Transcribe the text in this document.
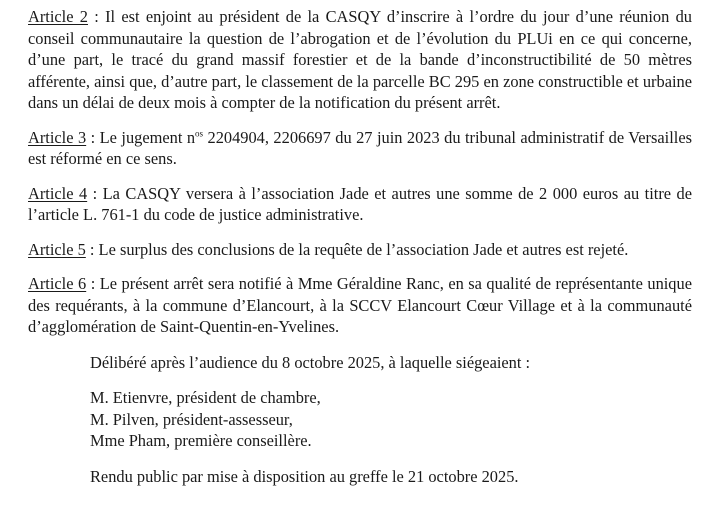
Article 2 : Il est enjoint au président de la CASQY d’inscrire à l’ordre du jour d’une réunion du conseil communautaire la question de l’abrogation et de l’évolution du PLUi en ce qui concerne, d’une part, le tracé du grand massif forestier et de la bande d’inconstructibilité de 50 mètres afférente, ainsi que, d’autre part, le classement de la parcelle BC 295 en zone constructible et urbaine dans un délai de deux mois à compter de la notification du présent arrêt.

Article 3 : Le jugement $n^{os}$ 2204904, 2206697 du 27 juin 2023 du tribunal administratif de Versailles est réformé en ce sens.

Article 4 : La CASQY versera à l’association Jade et autres une somme de 2 000 euros au titre de l’article L. 761-1 du code de justice administrative.

Article 5 : Le surplus des conclusions de la requête de l’association Jade et autres est rejeté.

Article 6 : Le présent arrêt sera notifié à Mme Géraldine Ranc, en sa qualité de représentante unique des requérants, à la commune d’Elancourt, à la SCCV Elancourt Cœur Village et à la communauté d’agglomération de Saint-Quentin-en-Yvelines.

Délibéré après l’audience du 8 octobre 2025, à laquelle siégeaient :

M. Etienvre, président de chambre,
M. Pilven, président-assesseur,
Mme Pham, première conseillère.

Rendu public par mise à disposition au greffe le 21 octobre 2025.
